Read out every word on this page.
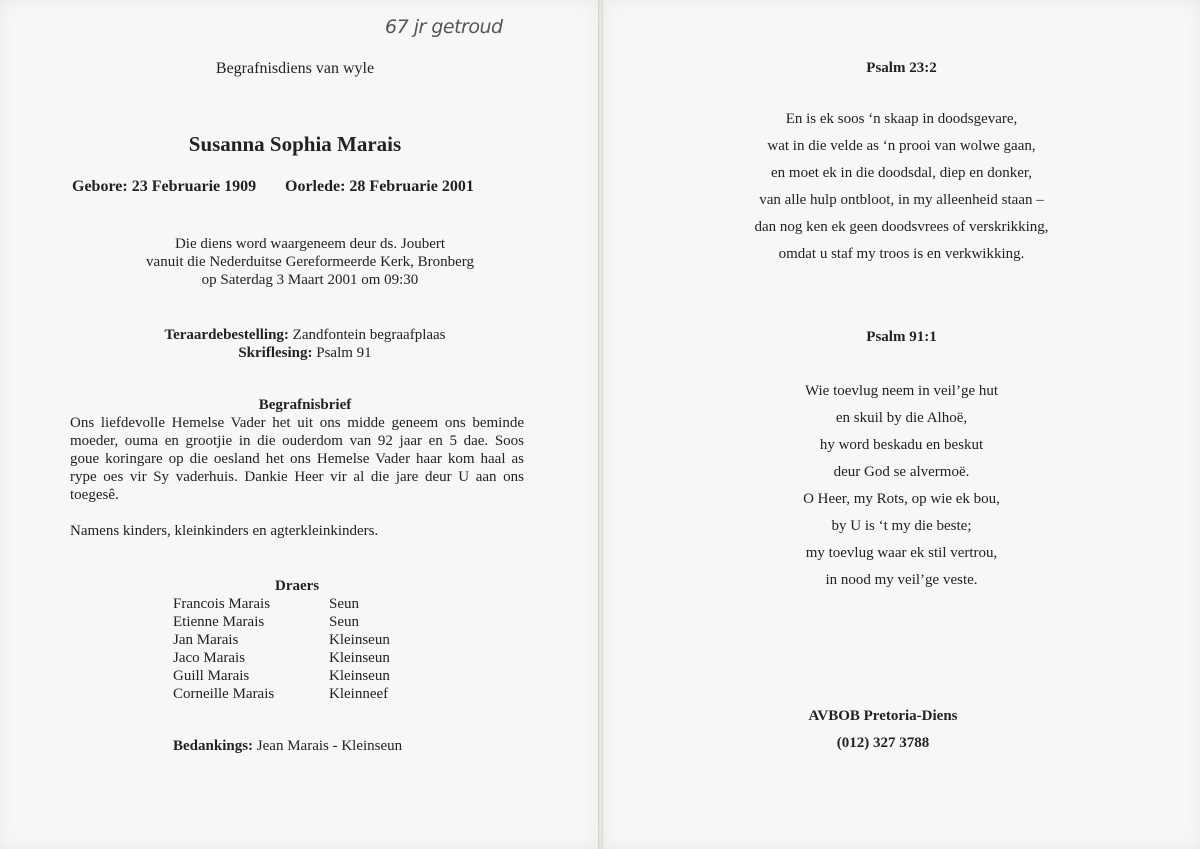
67 jr getroud
Begrafnisdiens van wyle
Susanna Sophia Marais
Gebore: 23 Februarie 1909 Oorlede: 28 Februarie 2001
Die diens word waargeneem deur ds. Joubert
vanuit die Nederduitse Gereformeerde Kerk, Bronberg
op Saterdag 3 Maart 2001 om 09:30
Teraardebestelling: Zandfontein begraafplaas
Skriflesing: Psalm 91
Begrafnisbrief
Ons liefdevolle Hemelse Vader het uit ons midde geneem ons beminde
moeder, ouma en grootjie in die ouderdom van 92 jaar en 5 dae. Soos
goue koringare op die oesland het ons Hemelse Vader haar kom haal as
rype oes vir Sy vaderhuis. Dankie Heer vir al die jare deur U aan ons
toegesê.
Namens kinders, kleinkinders en agterkleinkinders.
Draers
Francois Marais	Seun
Etienne Marais	Seun
Jan Marais	Kleinseun
Jaco Marais	Kleinseun
Guill Marais	Kleinseun
Corneille Marais	Kleinneef
Bedankings: Jean Marais - Kleinseun
Psalm 23:2
En is ek soos ‘n skaap in doodsgevare,
wat in die velde as ‘n prooi van wolwe gaan,
en moet ek in die doodsdal, diep en donker,
van alle hulp ontbloot, in my alleenheid staan –
dan nog ken ek geen doodsvrees of verskrikking,
omdat u staf my troos is en verkwikking.
Psalm 91:1
Wie toevlug neem in veil’ge hut
en skuil by die Alhoë,
hy word beskadu en beskut
deur God se alvermoë.
O Heer, my Rots, op wie ek bou,
by U is ‘t my die beste;
my toevlug waar ek stil vertrou,
in nood my veil’ge veste.
AVBOB Pretoria-Diens
(012) 327 3788
